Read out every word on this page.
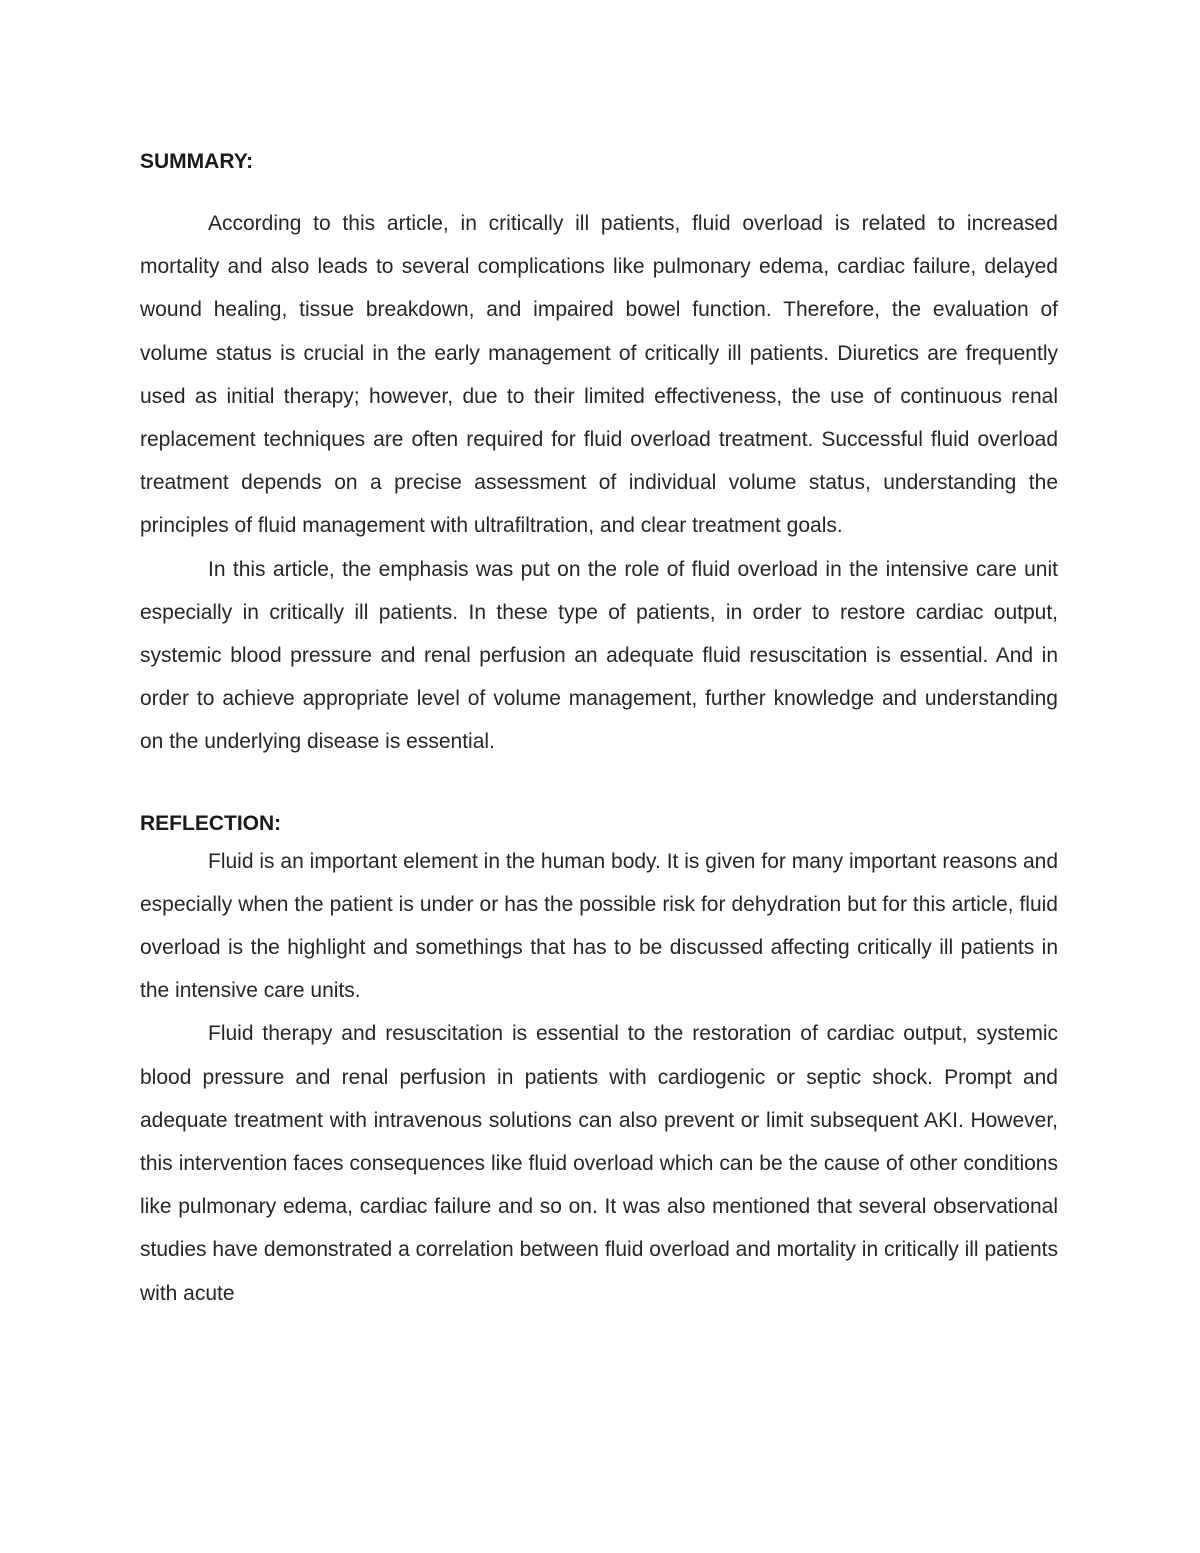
SUMMARY:

According to this article, in critically ill patients, fluid overload is related to increased mortality and also leads to several complications like pulmonary edema, cardiac failure, delayed wound healing, tissue breakdown, and impaired bowel function. Therefore, the evaluation of volume status is crucial in the early management of critically ill patients. Diuretics are frequently used as initial therapy; however, due to their limited effectiveness, the use of continuous renal replacement techniques are often required for fluid overload treatment. Successful fluid overload treatment depends on a precise assessment of individual volume status, understanding the principles of fluid management with ultrafiltration, and clear treatment goals.

In this article, the emphasis was put on the role of fluid overload in the intensive care unit especially in critically ill patients. In these type of patients, in order to restore cardiac output, systemic blood pressure and renal perfusion an adequate fluid resuscitation is essential. And in order to achieve appropriate level of volume management, further knowledge and understanding on the underlying disease is essential.

REFLECTION:

Fluid is an important element in the human body. It is given for many important reasons and especially when the patient is under or has the possible risk for dehydration but for this article, fluid overload is the highlight and somethings that has to be discussed affecting critically ill patients in the intensive care units.

Fluid therapy and resuscitation is essential to the restoration of cardiac output, systemic blood pressure and renal perfusion in patients with cardiogenic or septic shock. Prompt and adequate treatment with intravenous solutions can also prevent or limit subsequent AKI. However, this intervention faces consequences like fluid overload which can be the cause of other conditions like pulmonary edema, cardiac failure and so on. It was also mentioned that several observational studies have demonstrated a correlation between fluid overload and mortality in critically ill patients with acute
